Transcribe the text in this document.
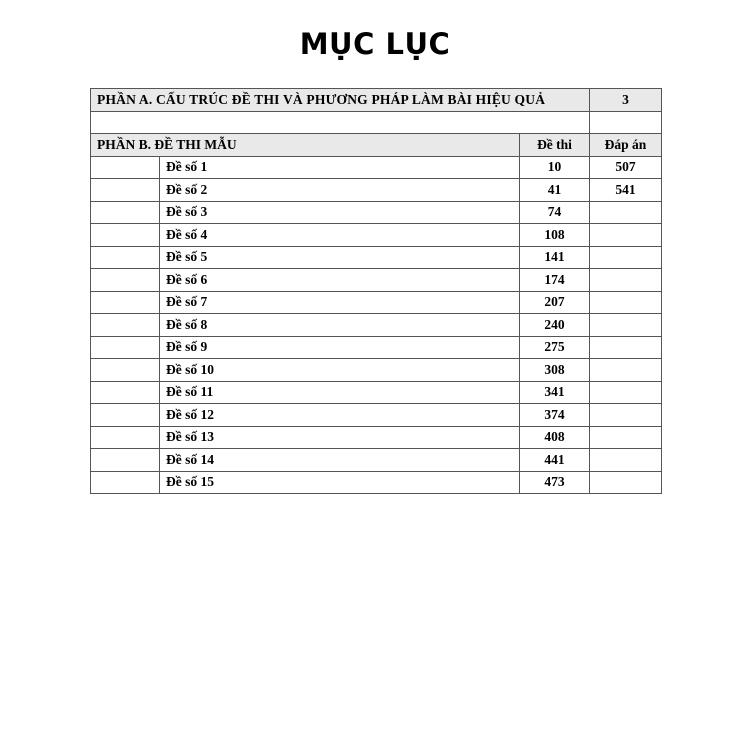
MỤC LỤC
PHẦN A. CẤU TRÚC ĐỀ THI VÀ PHƯƠNG PHÁP LÀM BÀI HIỆU QUẢ			3

PHẦN B. ĐỀ THI MẪU		Đề thi	Đáp án
	Đề số 1	10	507
	Đề số 2	41	541
	Đề số 3	74	
	Đề số 4	108	
	Đề số 5	141	
	Đề số 6	174	
	Đề số 7	207	
	Đề số 8	240	
	Đề số 9	275	
	Đề số 10	308	
	Đề số 11	341	
	Đề số 12	374	
	Đề số 13	408	
	Đề số 14	441	
	Đề số 15	473	
